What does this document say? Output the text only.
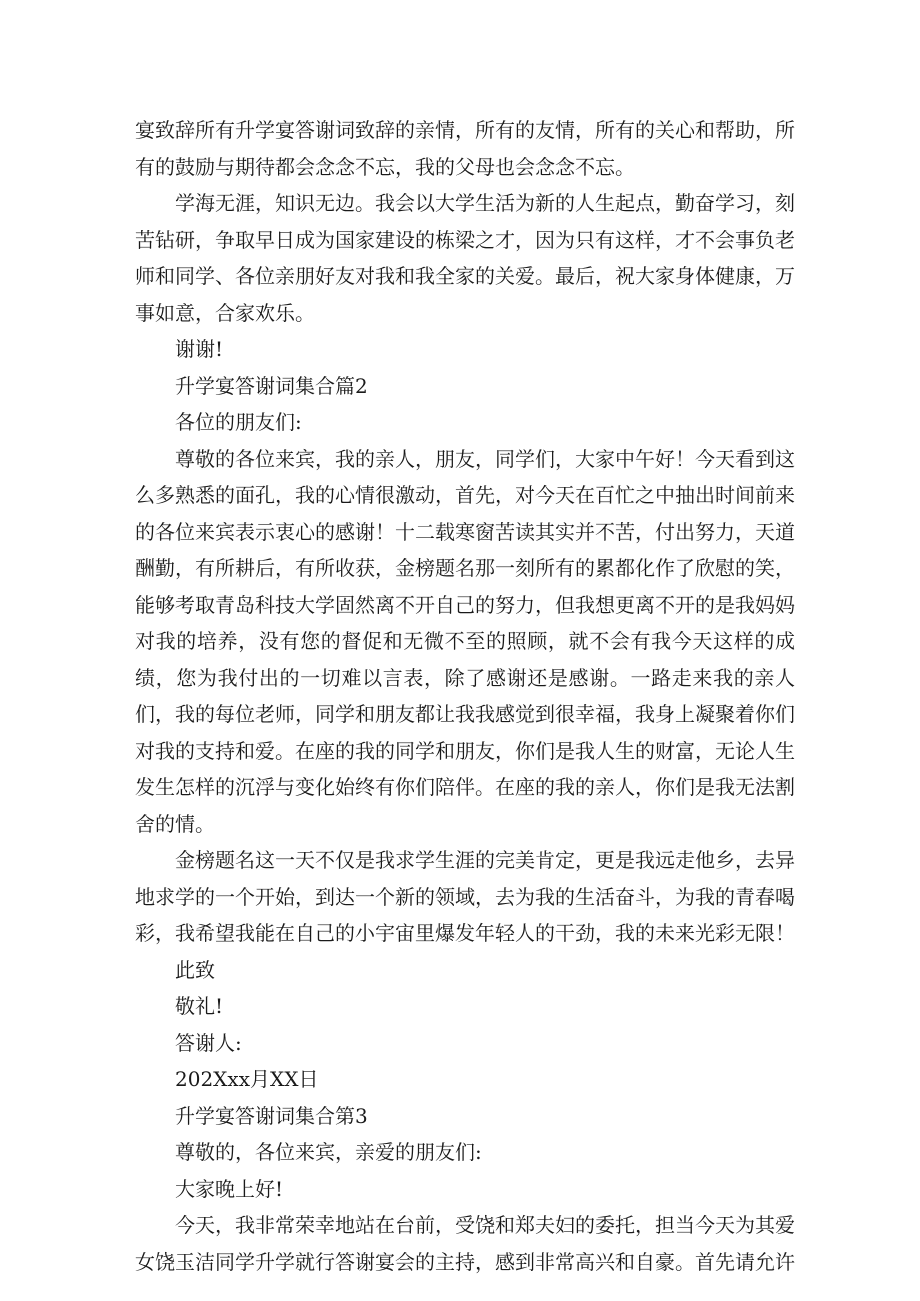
宴致辞所有升学宴答谢词致辞的亲情，所有的友情，所有的关心和帮助，所有的鼓励与期待都会念念不忘，我的父母也会念念不忘。

学海无涯，知识无边。我会以大学生活为新的人生起点，勤奋学习，刻苦钻研，争取早日成为国家建设的栋梁之才，因为只有这样，才不会事负老师和同学、各位亲朋好友对我和我全家的关爱。最后，祝大家身体健康，万事如意，合家欢乐。

谢谢!

升学宴答谢词集合篇2

各位的朋友们:

尊敬的各位来宾，我的亲人，朋友，同学们，大家中午好！今天看到这么多熟悉的面孔，我的心情很激动，首先，对今天在百忙之中抽出时间前来的各位来宾表示衷心的感谢！十二载寒窗苦读其实并不苦，付出努力，天道酬勤，有所耕后，有所收获，金榜题名那一刻所有的累都化作了欣慰的笑，能够考取青岛科技大学固然离不开自己的努力，但我想更离不开的是我妈妈对我的培养，没有您的督促和无微不至的照顾，就不会有我今天这样的成绩，您为我付出的一切难以言表，除了感谢还是感谢。一路走来我的亲人们，我的每位老师，同学和朋友都让我我感觉到很幸福，我身上凝聚着你们对我的支持和爱。在座的我的同学和朋友，你们是我人生的财富，无论人生发生怎样的沉浮与变化始终有你们陪伴。在座的我的亲人，你们是我无法割舍的情。

金榜题名这一天不仅是我求学生涯的完美肯定，更是我远走他乡，去异地求学的一个开始，到达一个新的领域，去为我的生活奋斗，为我的青春喝彩，我希望我能在自己的小宇宙里爆发年轻人的干劲，我的未来光彩无限！

此致

敬礼!

答谢人:

202Xxx月XX日

升学宴答谢词集合第3

尊敬的，各位来宾，亲爱的朋友们:

大家晚上好!

今天，我非常荣幸地站在台前，受饶和郑夫妇的委托，担当今天为其爱女饶玉洁同学升学就行答谢宴会的主持，感到非常高兴和自豪。首先请允许
